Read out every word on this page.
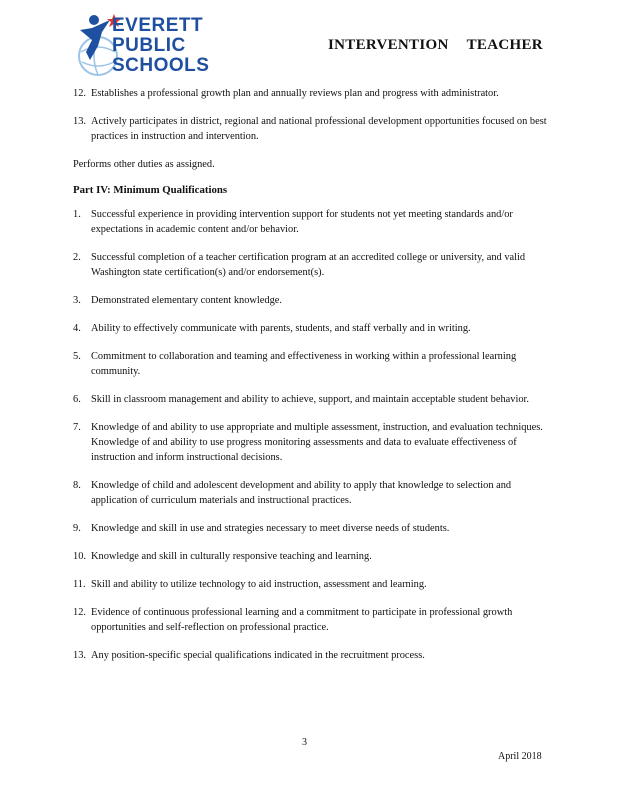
EVERETT
PUBLIC
SCHOOLS
INTERVENTION TEACHER
12. Establishes a professional growth plan and annually reviews plan and progress with administrator.
13. Actively participates in district, regional and national professional development opportunities focused on best practices in instruction and intervention.

Performs other duties as assigned.

Part IV: Minimum Qualifications

1. Successful experience in providing intervention support for students not yet meeting standards and/or expectations in academic content and/or behavior.
2. Successful completion of a teacher certification program at an accredited college or university, and valid Washington state certification(s) and/or endorsement(s).
3. Demonstrated elementary content knowledge.
4. Ability to effectively communicate with parents, students, and staff verbally and in writing.
5. Commitment to collaboration and teaming and effectiveness in working within a professional learning community.
6. Skill in classroom management and ability to achieve, support, and maintain acceptable student behavior.
7. Knowledge of and ability to use appropriate and multiple assessment, instruction, and evaluation techniques. Knowledge of and ability to use progress monitoring assessments and data to evaluate effectiveness of instruction and inform instructional decisions.
8. Knowledge of child and adolescent development and ability to apply that knowledge to selection and application of curriculum materials and instructional practices.
9. Knowledge and skill in use and strategies necessary to meet diverse needs of students.
10. Knowledge and skill in culturally responsive teaching and learning.
11. Skill and ability to utilize technology to aid instruction, assessment and learning.
12. Evidence of continuous professional learning and a commitment to participate in professional growth opportunities and self-reflection on professional practice.
13. Any position-specific special qualifications indicated in the recruitment process.
3
April 2018
